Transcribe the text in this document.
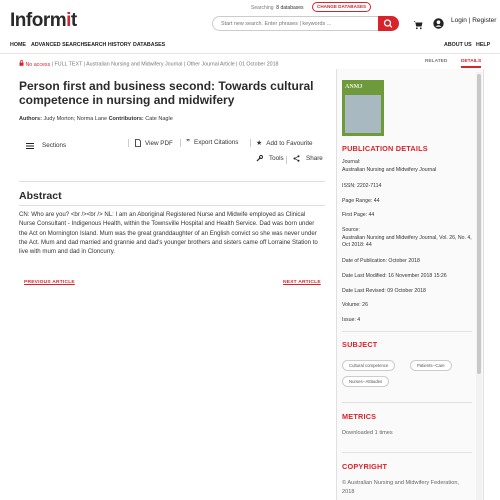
Informit
Searching 8 databases	CHANGE DATABASES
Start new search. Enter phrases | keywords ...
Login | Register
HOME ADVANCED SEARCH SEARCH HISTORY DATABASES	ABOUT US HELP
No access | FULL TEXT | Australian Nursing and Midwifery Journal | Other Journal Article | 01 October 2018
Person first and business second: Towards cultural competence in nursing and midwifery
Authors: Judy Morton; Norma Lane Contributors: Cate Nagle
Sections	View PDF ” Export Citations	★ Add to Favourite
Tools	Share
Abstract
CN: Who are you? <br /><br /> NL: I am an Aboriginal Registered Nurse and Midwife employed as Clinical Nurse Consultant - Indigenous Health, within the Townsville Hospital and Health Service. Dad was born under the Act on Mornington Island. Mum was the great granddaughter of an English convict so she was never under the Act. Mum and dad married and grannie and dad's younger brothers and sisters came off Lorraine Station to live with mum and dad in Cloncurry.
PREVIOUS ARTICLE	NEXT ARTICLE
RELATED	DETAILS
ANMJ
PUBLICATION DETAILS
Journal:
Australian Nursing and Midwifery Journal
ISSN: 2202-7114
Page Range: 44
First Page: 44
Source:
Australian Nursing and Midwifery Journal, Vol. 26, No. 4, Oct 2018: 44
Date of Publication: October 2018
Date Last Modified: 16 November 2018 15:26
Date Last Revised: 09 October 2018
Volume: 26
Issue: 4
SUBJECT
Cultural competence	Patients--Care
Nurses--Attitudes
METRICS
Downloaded 1 times
COPYRIGHT
© Australian Nursing and Midwifery Federation, 2018
